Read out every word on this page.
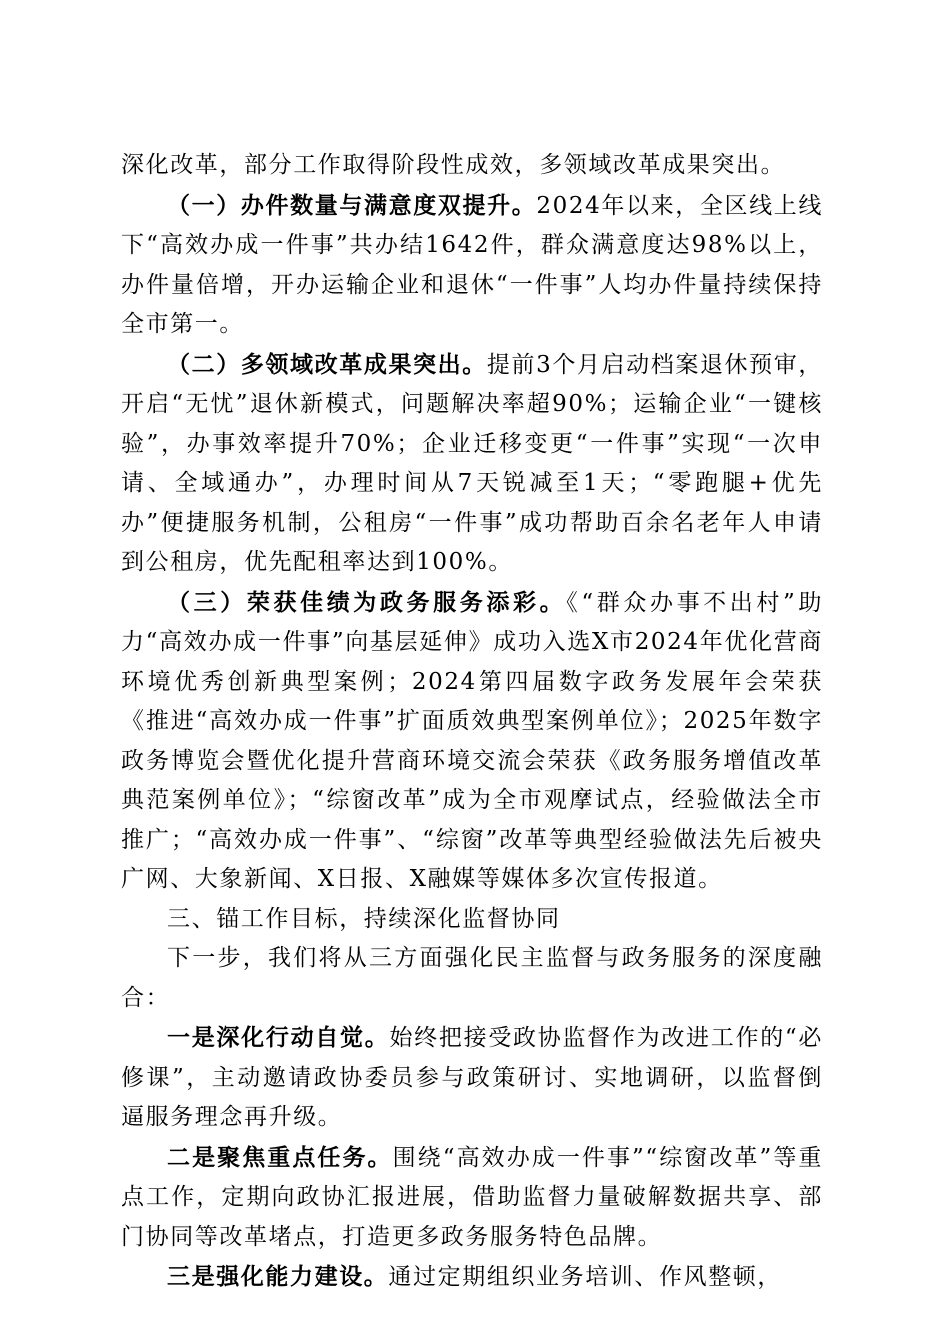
深化改革，部分工作取得阶段性成效，多领域改革成果突出。

（一）办件数量与满意度双提升。2024年以来，全区线上线下“高效办成一件事”共办结1642件，群众满意度达98%以上，办件量倍增，开办运输企业和退休“一件事”人均办件量持续保持全市第一。

（二）多领域改革成果突出。提前3个月启动档案退休预审，开启“无忧”退休新模式，问题解决率超90%；运输企业“一键核验”，办事效率提升70%；企业迁移变更“一件事”实现“一次申请、全域通办”，办理时间从7天锐减至1天；“零跑腿+优先办”便捷服务机制，公租房“一件事”成功帮助百余名老年人申请到公租房，优先配租率达到100%。

（三）荣获佳绩为政务服务添彩。《“群众办事不出村”助力“高效办成一件事”向基层延伸》成功入选X市2024年优化营商环境优秀创新典型案例；2024第四届数字政务发展年会荣获《推进“高效办成一件事”扩面质效典型案例单位》；2025年数字政务博览会暨优化提升营商环境交流会荣获《政务服务增值改革典范案例单位》；“综窗改革”成为全市观摩试点，经验做法全市推广；“高效办成一件事”、“综窗”改革等典型经验做法先后被央广网、大象新闻、X日报、X融媒等媒体多次宣传报道。

三、锚工作目标，持续深化监督协同

下一步，我们将从三方面强化民主监督与政务服务的深度融合：

一是深化行动自觉。始终把接受政协监督作为改进工作的“必修课”，主动邀请政协委员参与政策研讨、实地调研，以监督倒逼服务理念再升级。

二是聚焦重点任务。围绕“高效办成一件事”“综窗改革”等重点工作，定期向政协汇报进展，借助监督力量破解数据共享、部门协同等改革堵点，打造更多政务服务特色品牌。

三是强化能力建设。通过定期组织业务培训、作风整顿，
